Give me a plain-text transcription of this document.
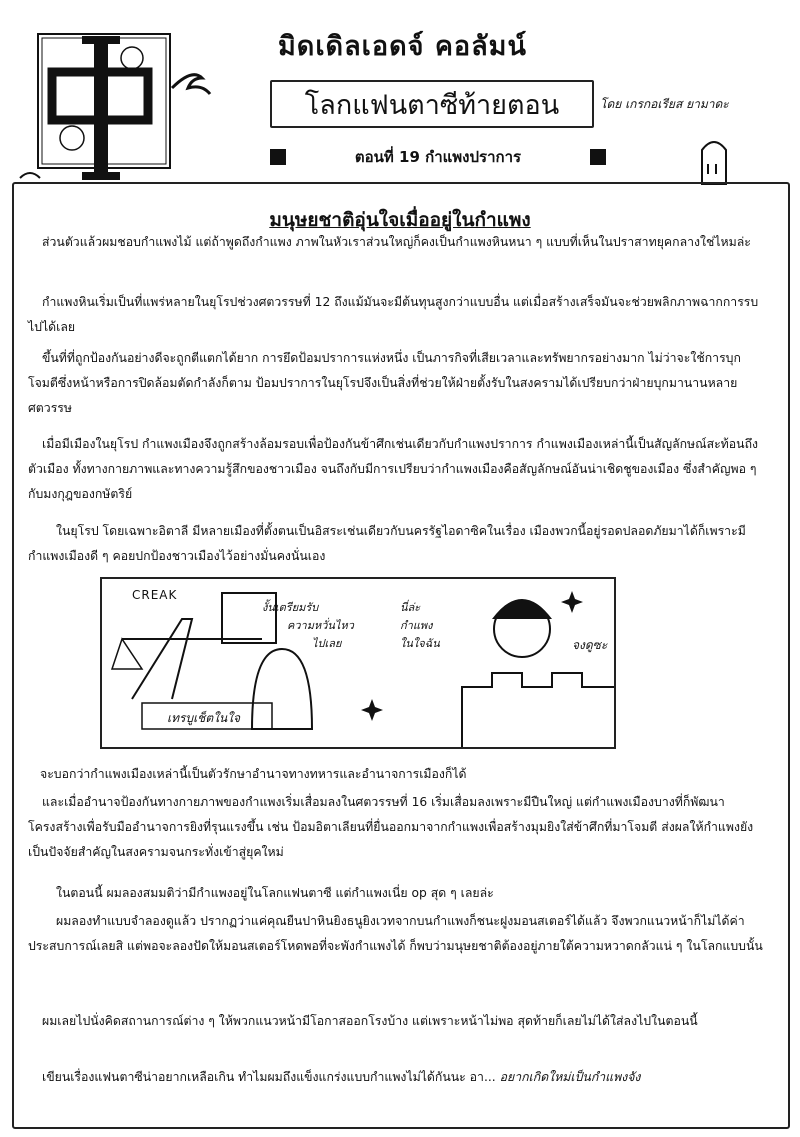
มิดเดิลเอดจ์ คอลัมน์
โลกแฟนตาซีท้ายตอน	โดย เกรกอเรียส ยามาดะ
ตอนที่ 19 กำแพงปราการ
มนุษยชาติอุ่นใจเมื่ออยู่ในกำแพง
ส่วนตัวแล้วผมชอบกำแพงไม้ แต่ถ้าพูดถึงกำแพง ภาพในหัวเราส่วนใหญ่ก็คงเป็นกำแพงหินหนา ๆ แบบที่เห็นในปราสาทยุคกลางใช่ไหมล่ะ
กำแพงหินเริ่มเป็นที่แพร่หลายในยุโรปช่วงศตวรรษที่ 12 ถึงแม้มันจะมีต้นทุนสูงกว่าแบบอื่น แต่เมื่อสร้างเสร็จมันจะช่วยพลิกภาพฉากการรบไปได้เลย
ขึ้นที่ที่ถูกป้องกันอย่างดีจะถูกตีแตกได้ยาก การยึดป้อมปราการแห่งหนึ่ง เป็นภารกิจที่เสียเวลาและทรัพยากรอย่างมาก ไม่ว่าจะใช้การบุกโจมตีซึ่งหน้าหรือการปิดล้อมตัดกำลังก็ตาม ป้อมปราการในยุโรปจึงเป็นสิ่งที่ช่วยให้ฝ่ายตั้งรับในสงครามได้เปรียบกว่าฝ่ายบุกมานานหลายศตวรรษ
เมื่อมีเมืองในยุโรป กำแพงเมืองจึงถูกสร้างล้อมรอบเพื่อป้องกันข้าศึกเช่นเดียวกับกำแพงปราการ กำแพงเมืองเหล่านี้เป็นสัญลักษณ์สะท้อนถึงตัวเมือง ทั้งทางกายภาพและทางความรู้สึกของชาวเมือง จนถึงกับมีการเปรียบว่ากำแพงเมืองคือสัญลักษณ์อันน่าเชิดชูของเมือง ซึ่งสำคัญพอ ๆ กับมงกุฎของกษัตริย์
ในยุโรป โดยเฉพาะอิตาลี มีหลายเมืองที่ตั้งตนเป็นอิสระเช่นเดียวกับนครรัฐไอดาซิคในเรื่อง เมืองพวกนี้อยู่รอดปลอดภัยมาได้ก็เพราะมีกำแพงเมืองดี ๆ คอยปกป้องชาวเมืองไว้อย่างมั่นคงนั่นเอง
CREAK
งั้นเตรียมรับ
ความหวั่นไหว
ไปเลย
นี่ล่ะ
กำแพง
ในใจฉัน	จงดูซะ
เทรบูเช็ตในใจ
จะบอกว่ากำแพงเมืองเหล่านี้เป็นตัวรักษาอำนาจทางทหารและอำนาจการเมืองก็ได้
และเมื่ออำนาจป้องกันทางกายภาพของกำแพงเริ่มเสื่อมลงในศตวรรษที่ 16 เริ่มเสื่อมลงเพราะมีปืนใหญ่ แต่กำแพงเมืองบางที่ก็พัฒนาโครงสร้างเพื่อรับมืออำนาจการยิงที่รุนแรงขึ้น เช่น ป้อมอิตาเลียนที่ยื่นออกมาจากกำแพงเพื่อสร้างมุมยิงใส่ข้าศึกที่มาโจมตี ส่งผลให้กำแพงยังเป็นปัจจัยสำคัญในสงครามจนกระทั่งเข้าสู่ยุคใหม่
ในตอนนี้ ผมลองสมมติว่ามีกำแพงอยู่ในโลกแฟนตาซี แต่กำแพงเนี่ย op สุด ๆ เลยล่ะ
ผมลองทำแบบจำลองดูแล้ว ปรากฏว่าแค่คุณยืนปาหินยิงธนูยิงเวทจากบนกำแพงก็ชนะฝูงมอนสเตอร์ได้แล้ว จึงพวกแนวหน้าก็ไม่ได้ค่าประสบการณ์เลยสิ แต่พอจะลองปัดให้มอนสเตอร์โหดพอที่จะพังกำแพงได้ ก็พบว่ามนุษยชาติต้องอยู่ภายใต้ความหวาดกลัวแน่ ๆ ในโลกแบบนั้น
ผมเลยไปนั่งคิดสถานการณ์ต่าง ๆ ให้พวกแนวหน้ามีโอกาสออกโรงบ้าง แต่เพราะหน้าไม่พอ สุดท้ายก็เลยไม่ได้ใส่ลงไปในตอนนี้
เขียนเรื่องแฟนตาซีน่าอยากเหลือเกิน ทำไมผมถึงแข็งแกร่งแบบกำแพงไม่ได้กันนะ อา... อยากเกิดใหม่เป็นกำแพงจัง
